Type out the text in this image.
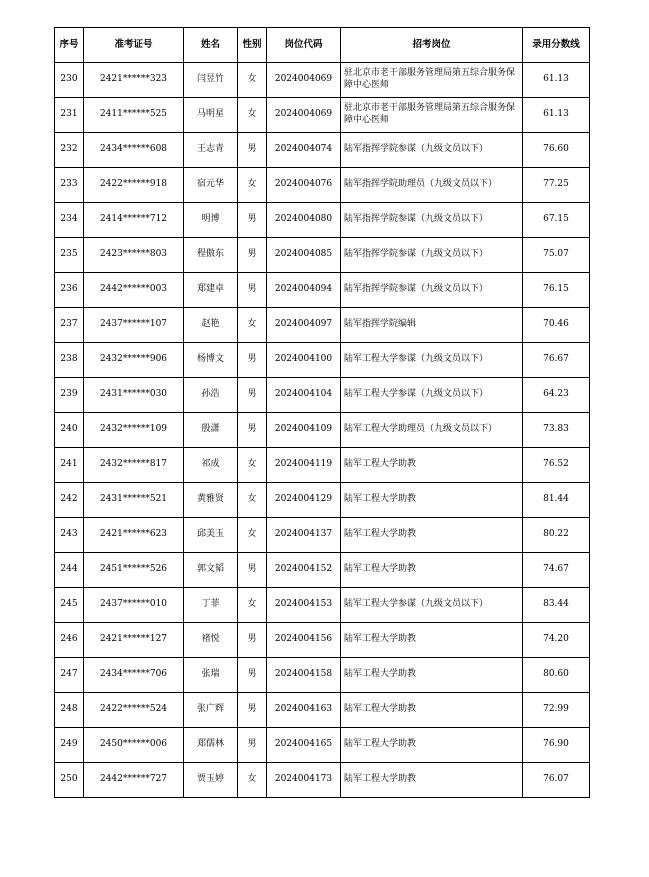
序号	准考证号	姓名	性别	岗位代码	招考岗位	录用分数线
230	2421******323	闫昱竹	女	2024004069	驻北京市老干部服务管理局第五综合服务保障中心医师	61.13
231	2411******525	马明星	女	2024004069	驻北京市老干部服务管理局第五综合服务保障中心医师	61.13
232	2434******608	王志青	男	2024004074	陆军指挥学院参谋（九级文员以下）	76.60
233	2422******918	宿元华	女	2024004076	陆军指挥学院助理员（九级文员以下）	77.25
234	2414******712	明博	男	2024004080	陆军指挥学院参谋（九级文员以下）	67.15
235	2423******803	程傲东	男	2024004085	陆军指挥学院参谋（九级文员以下）	75.07
236	2442******003	郑建卓	男	2024004094	陆军指挥学院参谋（九级文员以下）	76.15
237	2437******107	赵艳	女	2024004097	陆军指挥学院编辑	70.46
238	2432******906	杨博文	男	2024004100	陆军工程大学参谋（九级文员以下）	76.67
239	2431******030	孙浩	男	2024004104	陆军工程大学参谋（九级文员以下）	64.23
240	2432******109	殷潇	男	2024004109	陆军工程大学助理员（九级文员以下）	73.83
241	2432******817	祁成	女	2024004119	陆军工程大学助教	76.52
242	2431******521	黄雅贤	女	2024004129	陆军工程大学助教	81.44
243	2421******623	邱美玉	女	2024004137	陆军工程大学助教	80.22
244	2451******526	郭文韬	男	2024004152	陆军工程大学助教	74.67
245	2437******010	丁菲	女	2024004153	陆军工程大学参谋（九级文员以下）	83.44
246	2421******127	褚悦	男	2024004156	陆军工程大学助教	74.20
247	2434******706	张瑞	男	2024004158	陆军工程大学助教	80.60
248	2422******524	张广辉	男	2024004163	陆军工程大学助教	72.99
249	2450******006	郑儒林	男	2024004165	陆军工程大学助教	76.90
250	2442******727	贾玉婷	女	2024004173	陆军工程大学助教	76.07
